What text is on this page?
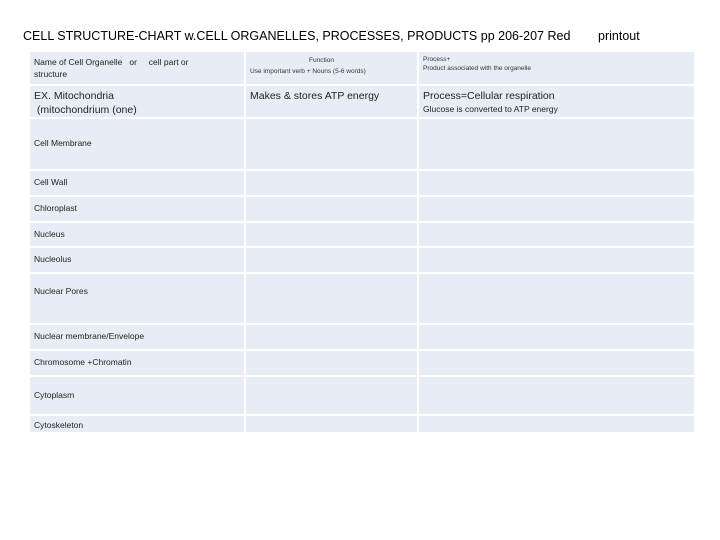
CELL STRUCTURE-CHART w.CELL ORGANELLES, PROCESSES, PRODUCTS pp 206-207 Red printout
Name of Cell Organelle   or     cell part or
structure
Function
Use important verb + Nouns (5-6 words)
Process+
Product associated with the organelle
EX. Mitochondria
(mitochondrium (one)
Makes & stores ATP energy	Process=Cellular respiration
Glucose is converted to ATP energy
Cell Membrane
Cell Wall
Chloroplast
Nucleus
Nucleolus
Nuclear membrane/Envelope
Nuclear Pores
Chromosome +Chromatin
Cytoplasm
Cytoskeleton
